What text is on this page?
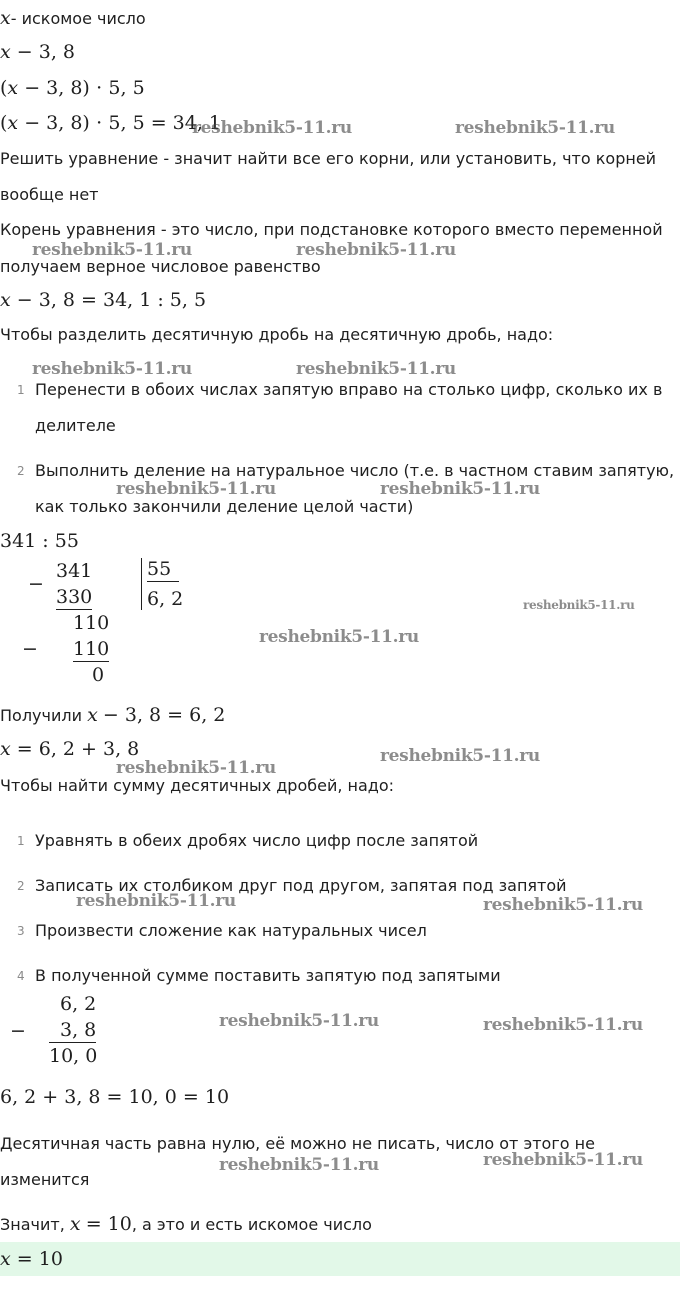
x- искомое число
x − 3, 8
(x − 3, 8) ⋅ 5, 5
(x − 3, 8) ⋅ 5, 5 = 34, 1
Решить уравнение - значит найти все его корни, или установить, что корней
вообще нет
Корень уравнения - это число, при подстановке которого вместо переменной
получаем верное числовое равенство
x − 3, 8 = 34, 1 : 5, 5
Чтобы разделить десятичную дробь на десятичную дробь, надо:
1 Перенести в обоих числах запятую вправо на столько цифр, сколько их в
делителе
2 Выполнить деление на натуральное число (т.е. в частном ставим запятую,
как только закончили деление целой части)
341 : 55
−
341
330
55
6, 2
110
− 110
0
Получили x − 3, 8 = 6, 2
x = 6, 2 + 3, 8
Чтобы найти сумму десятичных дробей, надо:
1 Уравнять в обеих дробях число цифр после запятой
2 Записать их столбиком друг под другом, запятая под запятой
3 Произвести сложение как натуральных чисел
4 В полученной сумме поставить запятую под запятыми
6, 2
−	3, 8
10, 0
6, 2 + 3, 8 = 10, 0 = 10
Десятичная часть равна нулю, её можно не писать, число от этого не
изменится
Значит, x = 10, а это и есть искомое число
x = 10
reshebnik5-11.ru	reshebnik5-11.ru
reshebnik5-11.ru	reshebnik5-11.ru
reshebnik5-11.ru	reshebnik5-11.ru
reshebnik5-11.ru	reshebnik5-11.ru
reshebnik5-11.ru
reshebnik5-11.ru
reshebnik5-11.ru
reshebnik5-11.ru
reshebnik5-11.ru	reshebnik5-11.ru
reshebnik5-11.ru	reshebnik5-11.ru
reshebnik5-11.ru
reshebnik5-11.ru
